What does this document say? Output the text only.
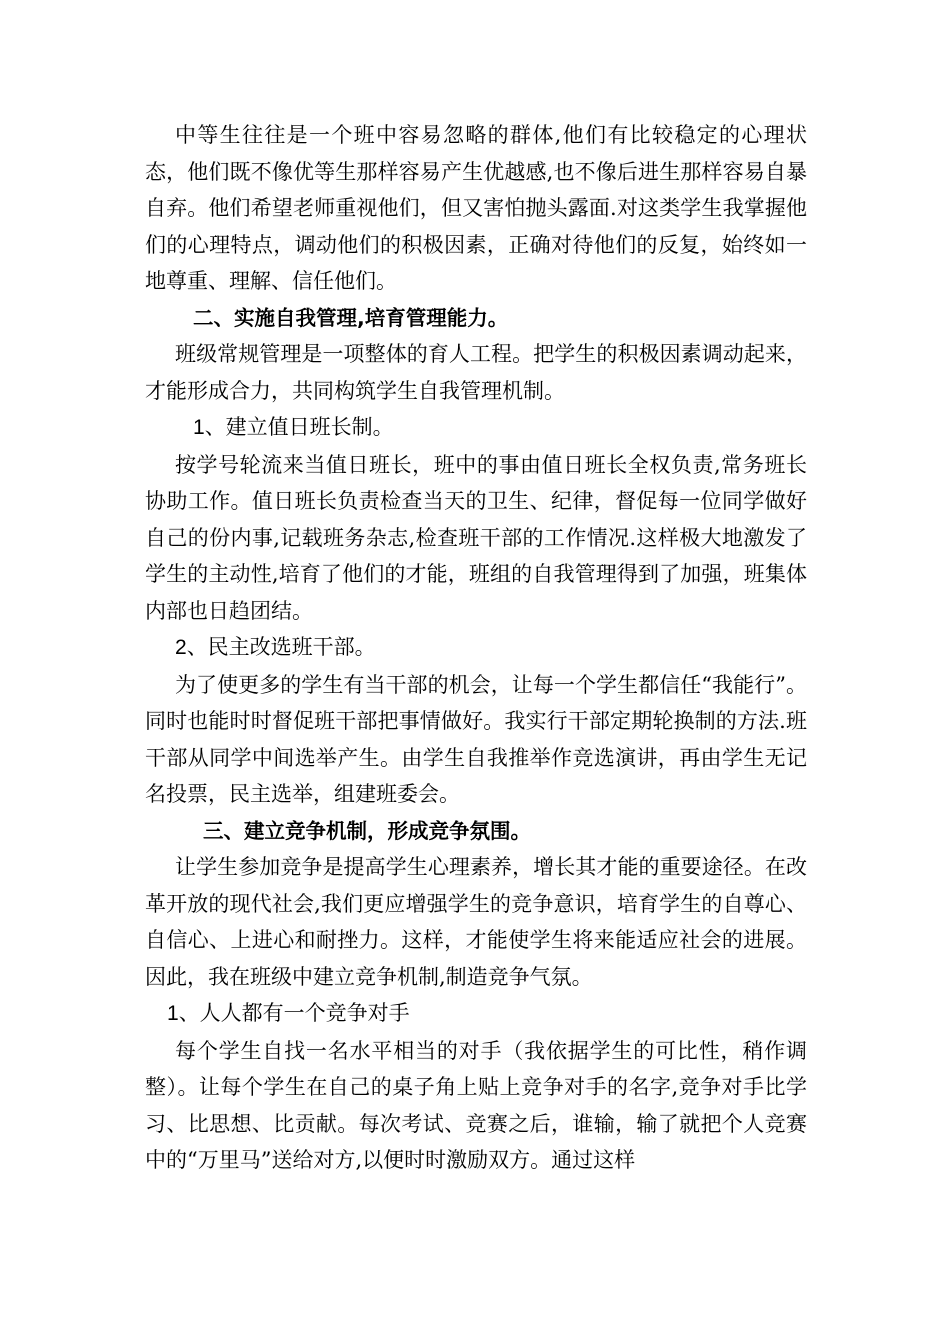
中等生往往是一个班中容易忽略的群体,他们有比较稳定的心理状态，他们既不像优等生那样容易产生优越感,也不像后进生那样容易自暴自弃。他们希望老师重视他们，但又害怕抛头露面.对这类学生我掌握他们的心理特点，调动他们的积极因素，正确对待他们的反复，始终如一地尊重、理解、信任他们。

二、实施自我管理,培育管理能力。

班级常规管理是一项整体的育人工程。把学生的积极因素调动起来，才能形成合力，共同构筑学生自我管理机制。

1、建立值日班长制。

按学号轮流来当值日班长，班中的事由值日班长全权负责,常务班长协助工作。值日班长负责检查当天的卫生、纪律，督促每一位同学做好自己的份内事,记载班务杂志,检查班干部的工作情况.这样极大地激发了学生的主动性,培育了他们的才能，班组的自我管理得到了加强，班集体内部也日趋团结。

2、民主改选班干部。

为了使更多的学生有当干部的机会，让每一个学生都信任“我能行”。同时也能时时督促班干部把事情做好。我实行干部定期轮换制的方法.班干部从同学中间选举产生。由学生自我推举作竞选演讲，再由学生无记名投票，民主选举，组建班委会。

三、建立竞争机制，形成竞争氛围。

让学生参加竞争是提高学生心理素养，增长其才能的重要途径。在改革开放的现代社会,我们更应增强学生的竞争意识，培育学生的自尊心、自信心、上进心和耐挫力。这样，才能使学生将来能适应社会的进展。因此，我在班级中建立竞争机制,制造竞争气氛。

1、人人都有一个竞争对手

每个学生自找一名水平相当的对手（我依据学生的可比性，稍作调整）。让每个学生在自己的桌子角上贴上竞争对手的名字,竞争对手比学习、比思想、比贡献。每次考试、竞赛之后，谁输，输了就把个人竞赛中的“万里马”送给对方,以便时时激励双方。通过这样
